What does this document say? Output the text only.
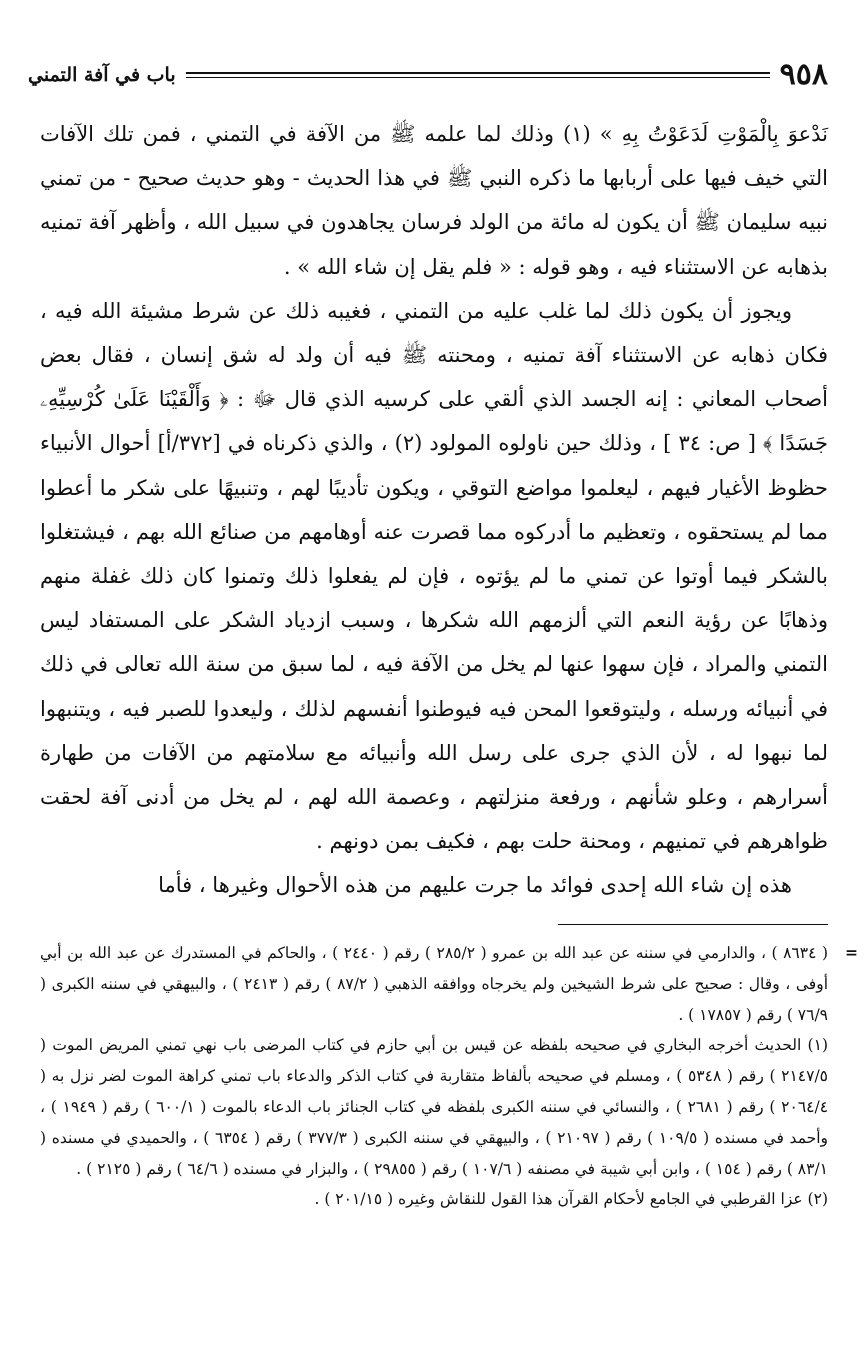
٩٥٨
باب في آفة التمني

نَدْعوَ بِالْمَوْتِ لَدَعَوْتُ بِهِ » (١) وذلك لما علمه ﷺ من الآفة في التمني ، فمن تلك الآفات التي خيف فيها على أربابها ما ذكره النبي ﷺ في هذا الحديث - وهو حديث صحيح - من تمني نبيه سليمان ﷺ أن يكون له مائة من الولد فرسان يجاهدون في سبيل الله ، وأظهر آفة تمنيه بذهابه عن الاستثناء فيه ، وهو قوله : « فلم يقل إن شاء الله » .

ويجوز أن يكون ذلك لما غلب عليه من التمني ، فغيبه ذلك عن شرط مشيئة الله فيه ، فكان ذهابه عن الاستثناء آفة تمنيه ، ومحنته ﷺ فيه أن ولد له شق إنسان ، فقال بعض أصحاب المعاني : إنه الجسد الذي ألقي على كرسيه الذي قال ﷻ : ﴿ وَأَلْقَيْنَا عَلَىٰ كُرْسِيِّهِۦ جَسَدًا ﴾ [ ص: ٣٤ ] ، وذلك حين ناولوه المولود (٢) ، والذي ذكرناه في [٣٧٢/أ] أحوال الأنبياء حظوظ الأغيار فيهم ، ليعلموا مواضع التوقي ، ويكون تأديبًا لهم ، وتنبيهًا على شكر ما أعطوا مما لم يستحقوه ، وتعظيم ما أدركوه مما قصرت عنه أوهامهم من صنائع الله بهم ، فيشتغلوا بالشكر فيما أوتوا عن تمني ما لم يؤتوه ، فإن لم يفعلوا ذلك وتمنوا كان ذلك غفلة منهم وذهابًا عن رؤية النعم التي ألزمهم الله شكرها ، وسبب ازدياد الشكر على المستفاد ليس التمني والمراد ، فإن سهوا عنها لم يخل من الآفة فيه ، لما سبق من سنة الله تعالى في ذلك في أنبيائه ورسله ، وليتوقعوا المحن فيه فيوطنوا أنفسهم لذلك ، وليعدوا للصبر فيه ، ويتنبهوا لما نبهوا له ، لأن الذي جرى على رسل الله وأنبيائه مع سلامتهم من الآفات من طهارة أسرارهم ، وعلو شأنهم ، ورفعة منزلتهم ، وعصمة الله لهم ، لم يخل من أدنى آفة لحقت ظواهرهم في تمنيهم ، ومحنة حلت بهم ، فكيف بمن دونهم .

هذه إن شاء الله إحدى فوائد ما جرت عليهم من هذه الأحوال وغيرها ، فأما

=
( ٨٦٣٤ ) ، والدارمي في سننه عن عبد الله بن عمرو ( ٢٨٥/٢ ) رقم ( ٢٤٤٠ ) ، والحاكم في المستدرك عن عبد الله بن أبي أوفى ، وقال : صحيح على شرط الشيخين ولم يخرجاه ووافقه الذهبي ( ٨٧/٢ ) رقم ( ٢٤١٣ ) ، والبيهقي في سننه الكبرى ( ٧٦/٩ ) رقم ( ١٧٨٥٧ ) .

(١) الحديث أخرجه البخاري في صحيحه بلفظه عن قيس بن أبي حازم في كتاب المرضى باب نهي تمني المريض الموت ( ٢١٤٧/٥ ) رقم ( ٥٣٤٨ ) ، ومسلم في صحيحه بألفاظ متقاربة في كتاب الذكر والدعاء باب تمني كراهة الموت لضر نزل به ( ٢٠٦٤/٤ ) رقم ( ٢٦٨١ ) ، والنسائي في سننه الكبرى بلفظه في كتاب الجنائز باب الدعاء بالموت ( ٦٠٠/١ ) رقم ( ١٩٤٩ ) ، وأحمد في مسنده ( ١٠٩/٥ ) رقم ( ٢١٠٩٧ ) ، والبيهقي في سننه الكبرى ( ٣٧٧/٣ ) رقم ( ٦٣٥٤ ) ، والحميدي في مسنده ( ٨٣/١ ) رقم ( ١٥٤ ) ، وابن أبي شيبة في مصنفه ( ١٠٧/٦ ) رقم ( ٢٩٨٥٥ ) ، والبزار في مسنده ( ٦٤/٦ ) رقم ( ٢١٢٥ ) .

(٢) عزا القرطبي في الجامع لأحكام القرآن هذا القول للنقاش وغيره ( ٢٠١/١٥ ) .
